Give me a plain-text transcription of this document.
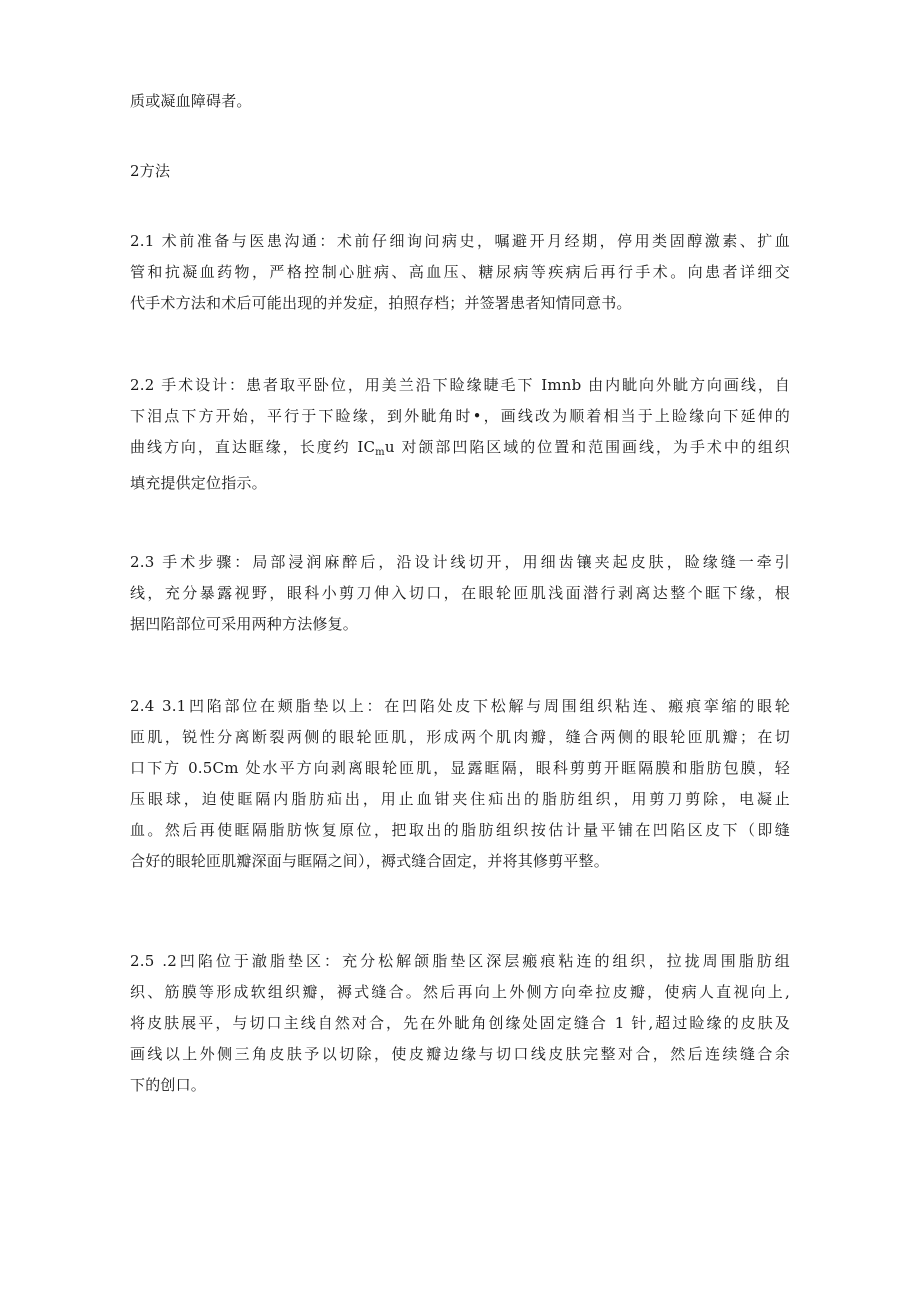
质或凝血障碍者。
2方法
2.1 术前准备与医患沟通：术前仔细询问病史，嘱避开月经期，停用类固醇激素、扩血
管和抗凝血药物，严格控制心脏病、高血压、糖尿病等疾病后再行手术。向患者详细交
代手术方法和术后可能出现的并发症，拍照存档；并签署患者知情同意书。
2.2 手术设计：患者取平卧位，用美兰沿下睑缘睫毛下 Imnb 由内眦向外眦方向画线，自
下泪点下方开始，平行于下睑缘，到外眦角时•，画线改为顺着相当于上睑缘向下延伸的
曲线方向，直达眶缘，长度约 $IC_mu$ 对颌部凹陷区域的位置和范围画线，为手术中的组织
填充提供定位指示。
2.3 手术步骤：局部浸润麻醉后，沿设计线切开，用细齿镶夹起皮肤，睑缘缝一牵引
线，充分暴露视野，眼科小剪刀伸入切口，在眼轮匝肌浅面潜行剥离达整个眶下缘，根
据凹陷部位可采用两种方法修复。
2.4 3.1凹陷部位在颊脂垫以上：在凹陷处皮下松解与周围组织粘连、瘢痕挛缩的眼轮
匝肌，锐性分离断裂两侧的眼轮匝肌，形成两个肌肉瓣，缝合两侧的眼轮匝肌瓣；在切
口下方 0.5Cm 处水平方向剥离眼轮匝肌，显露眶隔，眼科剪剪开眶隔膜和脂肪包膜，轻
压眼球，迫使眶隔内脂肪疝出，用止血钳夹住疝出的脂肪组织，用剪刀剪除，电凝止
血。然后再使眶隔脂肪恢复原位，把取出的脂肪组织按估计量平铺在凹陷区皮下（即缝
合好的眼轮匝肌瓣深面与眶隔之间），褥式缝合固定，并将其修剪平整。
2.5 .2凹陷位于澈脂垫区：充分松解颌脂垫区深层瘢痕粘连的组织，拉拢周围脂肪组
织、筋膜等形成软组织瓣，褥式缝合。然后再向上外侧方向牵拉皮瓣，使病人直视向上,
将皮肤展平，与切口主线自然对合，先在外眦角创缘处固定缝合 1 针,超过睑缘的皮肤及
画线以上外侧三角皮肤予以切除，使皮瓣边缘与切口线皮肤完整对合，然后连续缝合余
下的创口。
